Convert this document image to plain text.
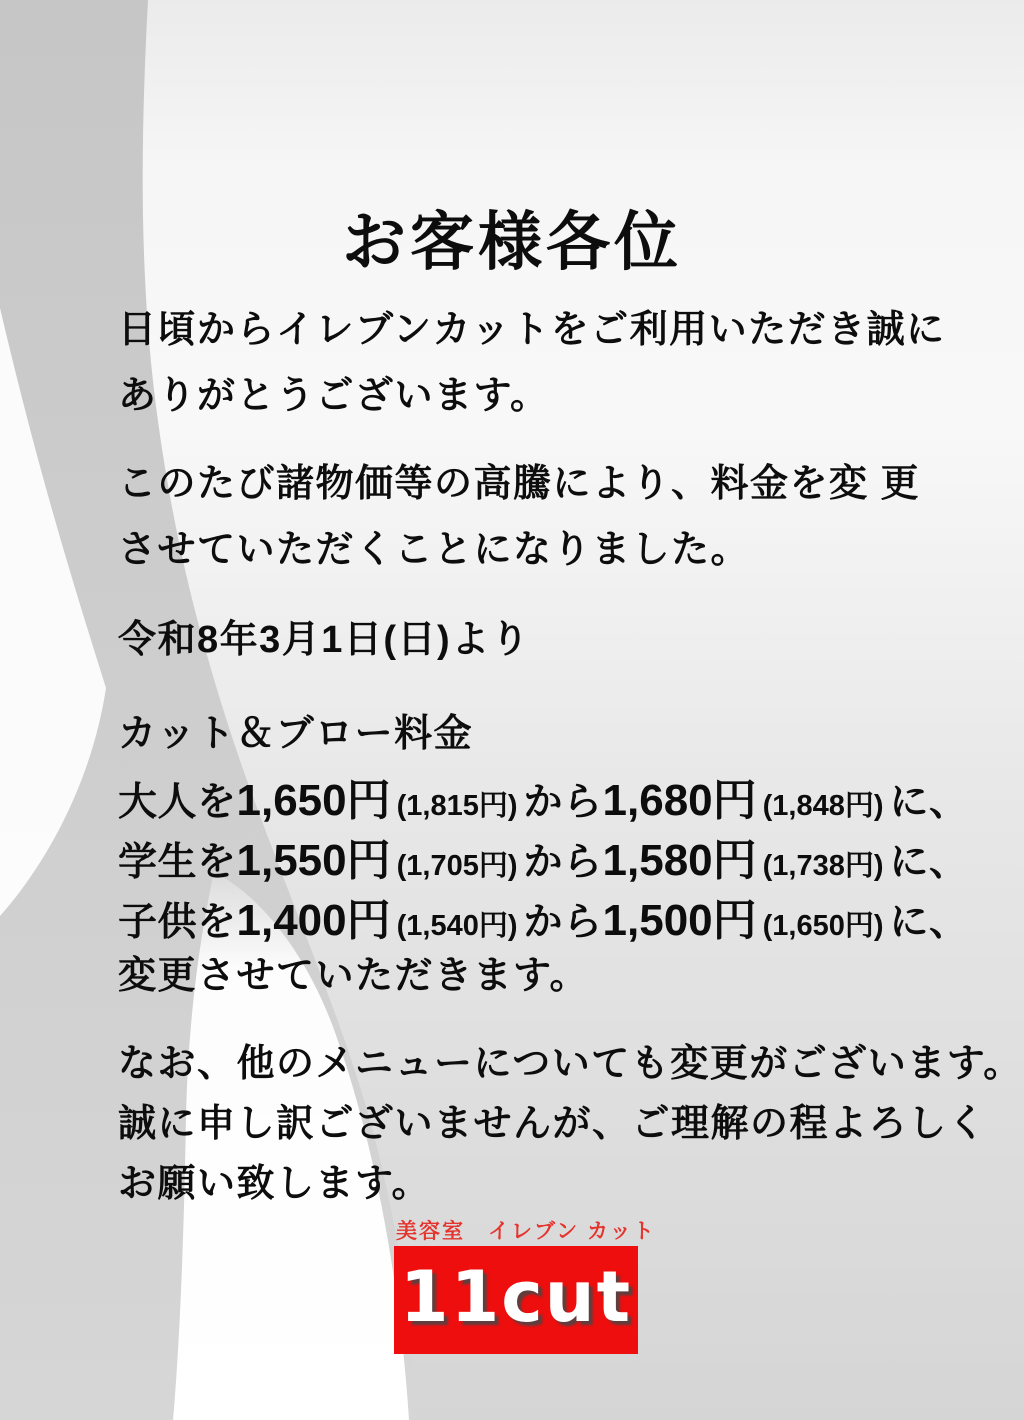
お客様各位
日頃からイレブンカットをご利用いただき誠に
ありがとうございます。
このたび諸物価等の高騰により、料金を変 更
させていただくことになりました。
令和8年3月1日(日)より
カット＆ブロー料金
大人を1,650円 (1,815円) から1,680円 (1,848円) に、
学生を1,550円 (1,705円) から1,580円 (1,738円) に、
子供を1,400円 (1,540円) から1,500円 (1,650円) に、
変更させていただきます。
なお、他のメニューについても変更がございます。
誠に申し訳ございませんが、ご理解の程よろしく
お願い致します。
美容室　イレブン カット
11cut
